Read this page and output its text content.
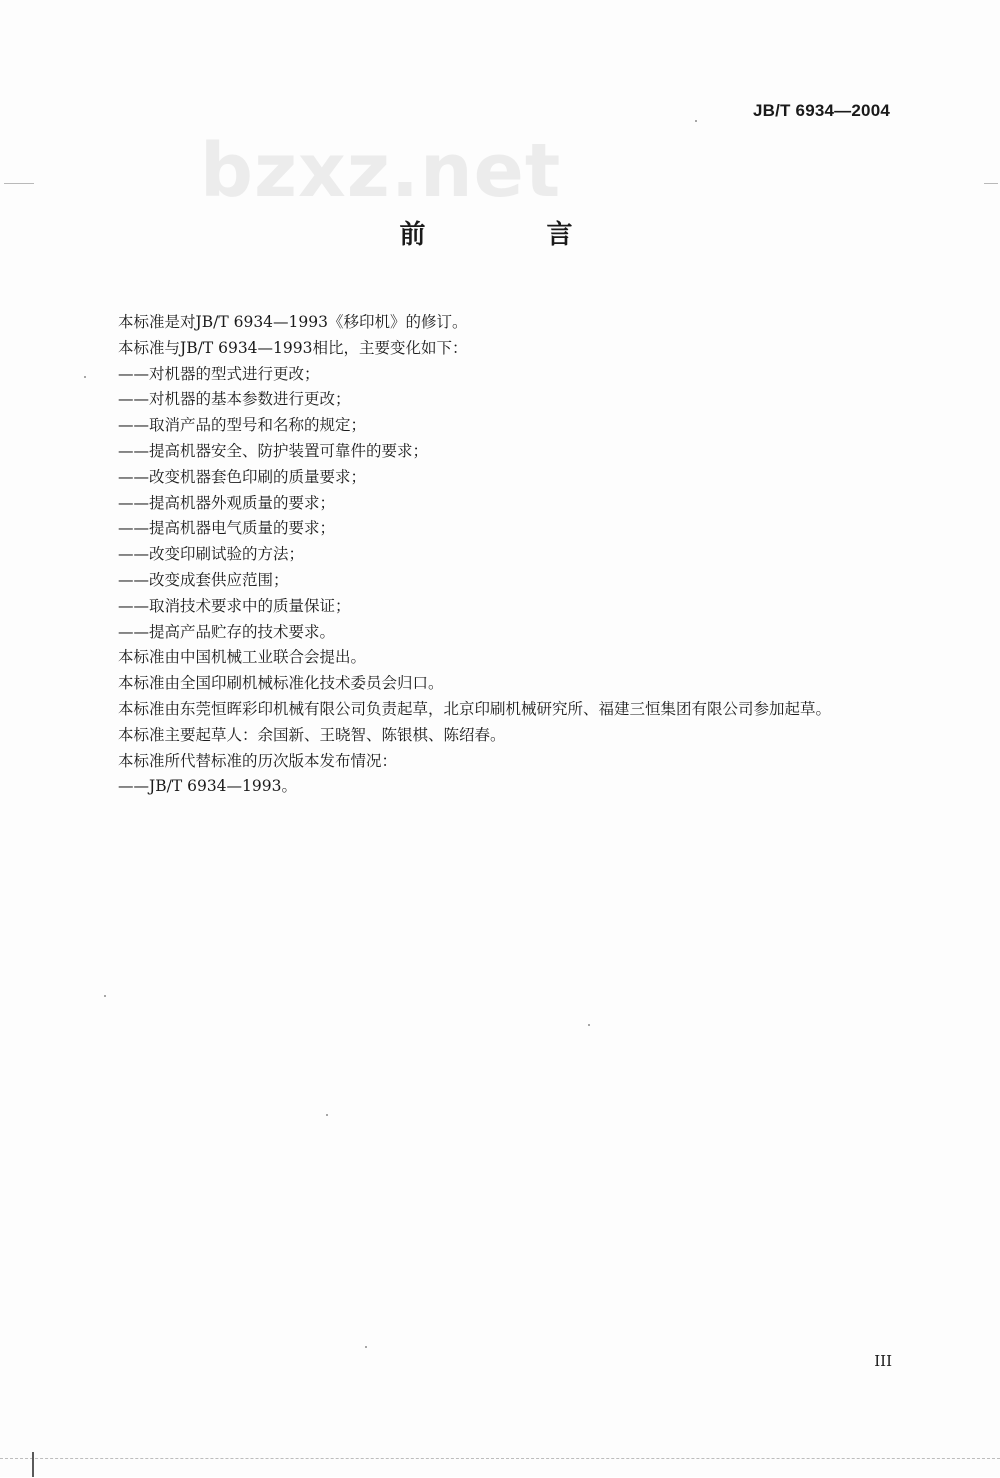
JB/T 6934—2004
bzxz.net
前 言
本标准是对JB/T 6934—1993《移印机》的修订。
本标准与JB/T 6934—1993相比，主要变化如下：
——对机器的型式进行更改；
——对机器的基本参数进行更改；
——取消产品的型号和名称的规定；
——提高机器安全、防护装置可靠件的要求；
——改变机器套色印刷的质量要求；
——提高机器外观质量的要求；
——提高机器电气质量的要求；
——改变印刷试验的方法；
——改变成套供应范围；
——取消技术要求中的质量保证；
——提高产品贮存的技术要求。
本标准由中国机械工业联合会提出。
本标准由全国印刷机械标准化技术委员会归口。
本标准由东莞恒晖彩印机械有限公司负责起草，北京印刷机械研究所、福建三恒集团有限公司参加起草。
本标准主要起草人：余国新、王晓智、陈银棋、陈绍春。
本标准所代替标准的历次版本发布情况：
——JB/T 6934—1993。
III
